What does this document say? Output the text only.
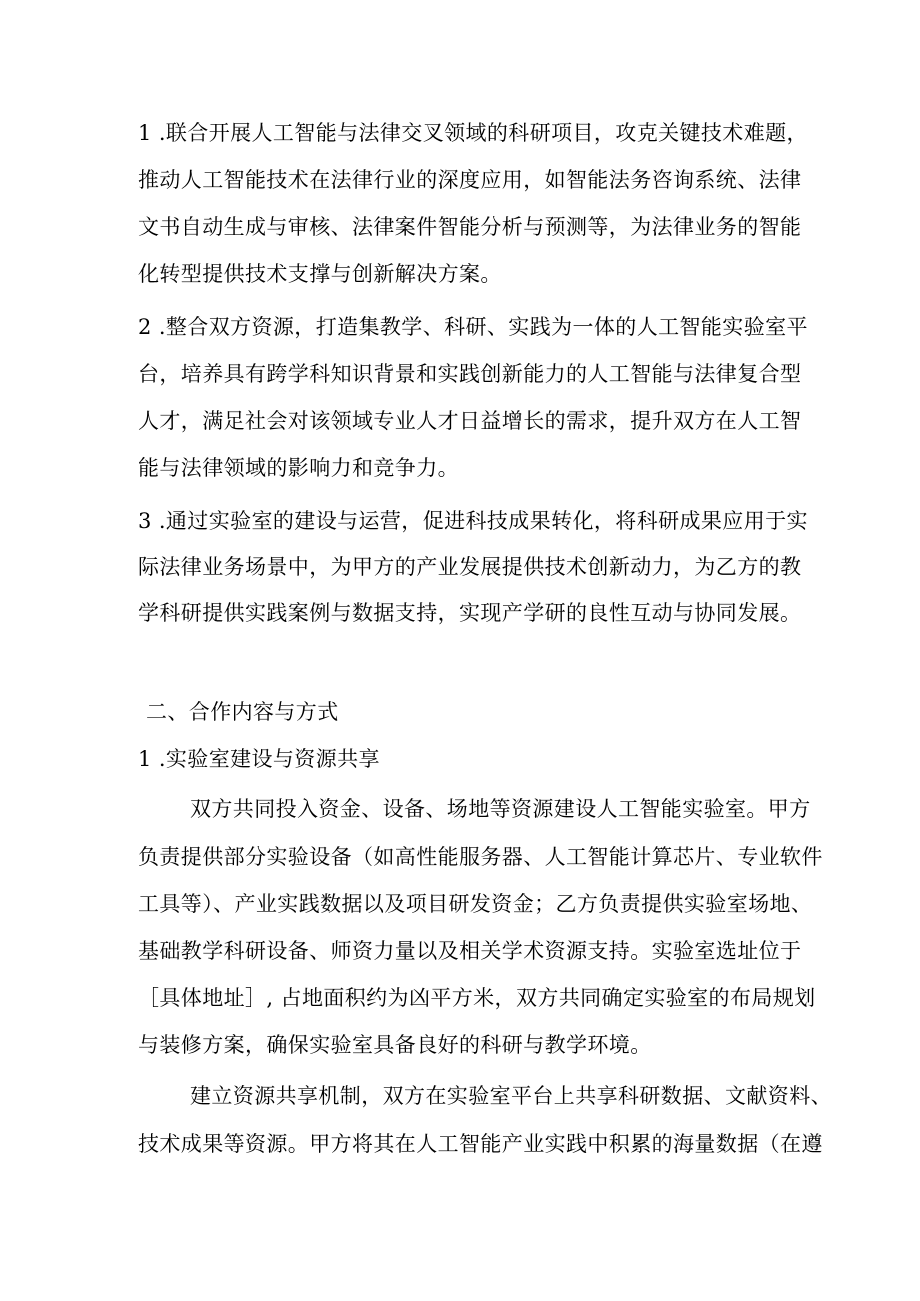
1 .联合开展人工智能与法律交叉领域的科研项目，攻克关键技术难题，
推动人工智能技术在法律行业的深度应用，如智能法务咨询系统、法律
文书自动生成与审核、法律案件智能分析与预测等，为法律业务的智能
化转型提供技术支撑与创新解决方案。
2 .整合双方资源，打造集教学、科研、实践为一体的人工智能实验室平
台，培养具有跨学科知识背景和实践创新能力的人工智能与法律复合型
人才，满足社会对该领域专业人才日益增长的需求，提升双方在人工智
能与法律领域的影响力和竞争力。
3 .通过实验室的建设与运营，促进科技成果转化，将科研成果应用于实
际法律业务场景中，为甲方的产业发展提供技术创新动力，为乙方的教
学科研提供实践案例与数据支持，实现产学研的良性互动与协同发展。
二、合作内容与方式
1 .实验室建设与资源共享
双方共同投入资金、设备、场地等资源建设人工智能实验室。甲方
负责提供部分实验设备（如高性能服务器、人工智能计算芯片、专业软件
工具等）、产业实践数据以及项目研发资金；乙方负责提供实验室场地、
基础教学科研设备、师资力量以及相关学术资源支持。实验室选址位于
［具体地址］, 占地面积约为凶平方米，双方共同确定实验室的布局规划
与装修方案，确保实验室具备良好的科研与教学环境。
建立资源共享机制，双方在实验室平台上共享科研数据、文献资料、
技术成果等资源。甲方将其在人工智能产业实践中积累的海量数据（在遵
